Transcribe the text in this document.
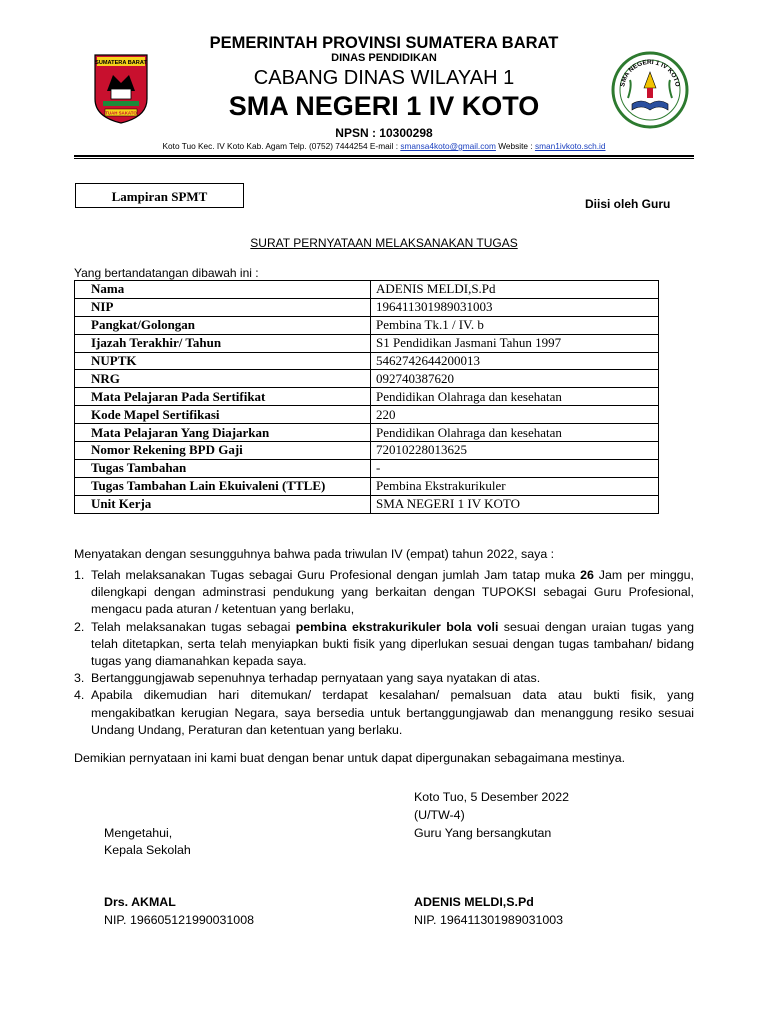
SUMATERA BARAT
TUAH SAKATO
SMA NEGERI 1 IV KOTO
PEMERINTAH PROVINSI SUMATERA BARAT
DINAS PENDIDIKAN
CABANG DINAS WILAYAH 1
SMA NEGERI 1 IV KOTO
NPSN : 10300298
Koto Tuo Kec. IV Koto Kab. Agam Telp. (0752) 7444254 E-mail : smansa4koto@gmail.com Website : sman1ivkoto.sch.id
Lampiran SPMT	Diisi oleh Guru
SURAT PERNYATAAN MELAKSANAKAN TUGAS
Yang bertandatangan dibawah ini :
Nama	ADENIS MELDI,S.Pd
NIP	196411301989031003
Pangkat/Golongan	Pembina Tk.1 / IV. b
Ijazah Terakhir/ Tahun	S1 Pendidikan Jasmani Tahun 1997
NUPTK	5462742644200013
NRG	092740387620
Mata Pelajaran Pada Sertifikat	Pendidikan Olahraga dan kesehatan
Kode Mapel Sertifikasi	220
Mata Pelajaran Yang Diajarkan	Pendidikan Olahraga dan kesehatan
Nomor Rekening BPD Gaji	72010228013625
Tugas Tambahan	-
Tugas Tambahan Lain Ekuivaleni (TTLE)	Pembina Ekstrakurikuler
Unit Kerja	SMA NEGERI 1 IV KOTO
Menyatakan dengan sesungguhnya bahwa pada triwulan IV (empat) tahun 2022, saya :
1. Telah melaksanakan Tugas sebagai Guru Profesional dengan jumlah Jam tatap muka 26 Jam per minggu, dilengkapi dengan adminstrasi pendukung yang berkaitan dengan TUPOKSI sebagai Guru Profesional, mengacu pada aturan / ketentuan yang berlaku,
2. Telah melaksanakan tugas sebagai pembina ekstrakurikuler bola voli sesuai dengan uraian tugas yang telah ditetapkan, serta telah menyiapkan bukti fisik yang diperlukan sesuai dengan tugas tambahan/ bidang tugas yang diamanahkan kepada saya.
3. Bertanggungjawab sepenuhnya terhadap pernyataan yang saya nyatakan di atas.
4. Apabila dikemudian hari ditemukan/ terdapat kesalahan/ pemalsuan data atau bukti fisik, yang mengakibatkan kerugian Negara, saya bersedia untuk bertanggungjawab dan menanggung resiko sesuai Undang Undang, Peraturan dan ketentuan yang berlaku.
Demikian pernyataan ini kami buat dengan benar untuk dapat dipergunakan sebagaimana mestinya.
Koto Tuo, 5 Desember 2022
(U/TW-4)
Guru Yang bersangkutan
Mengetahui,
Kepala Sekolah
Drs. AKMAL
NIP. 196605121990031008
ADENIS MELDI,S.Pd
NIP. 196411301989031003
